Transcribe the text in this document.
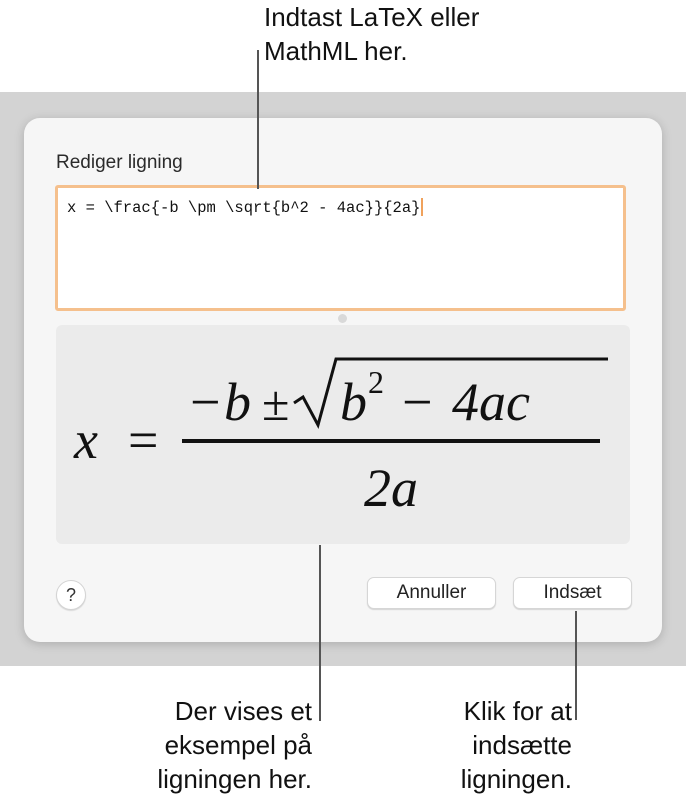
Rediger ligning
x = \frac{-b \pm \sqrt{b^2 - 4ac}}{2a}
x =
− b ± b 2 − 4ac
2a
?	Annuller	Indsæt
Indtast LaTeX eller
MathML her.
Der vises et
eksempel på
ligningen her.
Klik for at
indsætte
ligningen.
